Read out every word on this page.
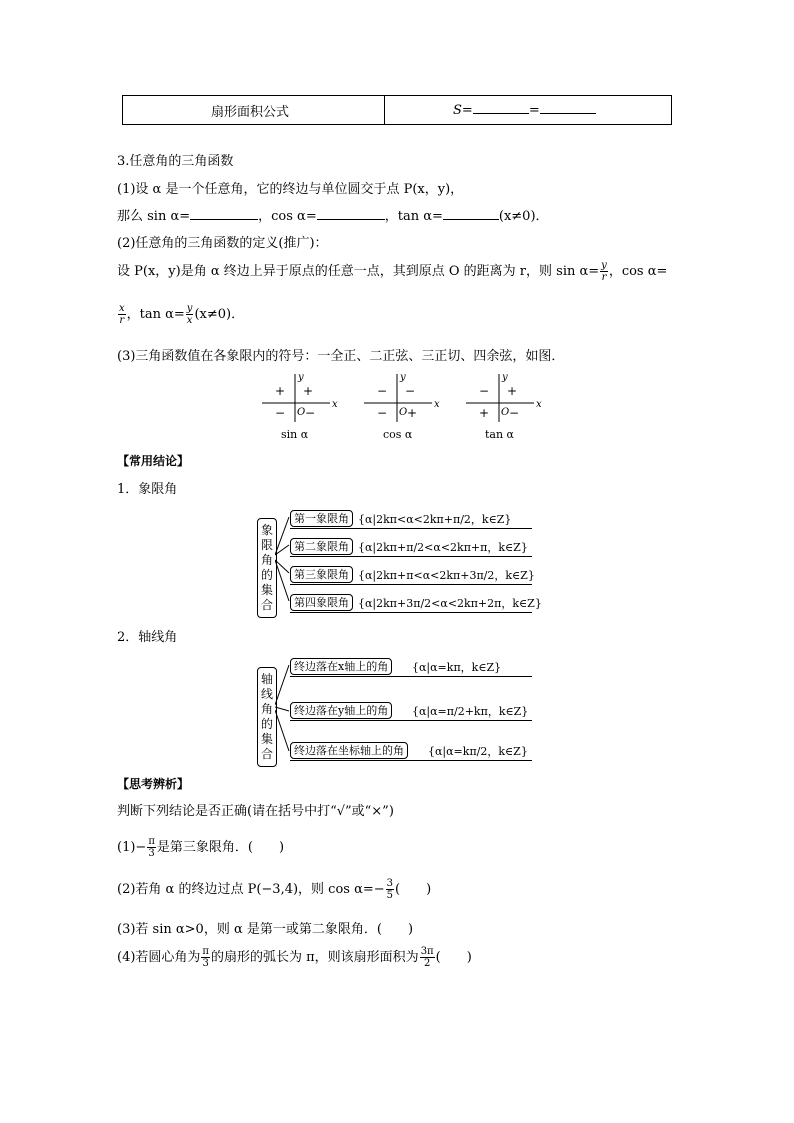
扇形面积公式	S=	=
3.任意角的三角函数
(1)设 α 是一个任意角，它的终边与单位圆交于点 P(x，y)，
那么 sin α=	，cos α=	，tan α=	(x≠0)．
(2)任意角的三角函数的定义(推广)：
设 P(x，y)是角 α 终边上异于原点的任意一点，其到原点 O 的距离为 r，则 $\sin \alpha= \frac{y}{r}$ ，cos α=
$\frac{x}{r}$ ，$\tan \alpha= \frac{y}{x} (x\ne 0)$．
(3)三角函数值在各象限内的符号：一全正、二正弦、三正切、四余弦，如图．
x
y
O
+
+
− −
sin α
x
y
O
−
−
− +
cos α
x
y
O
+
−
+ −
tan α
【常用结论】
1．象限角
象限角的集合
第一象限角 {α|2kπ<α<2kπ+π/2，k∈Z}
第二象限角 {α|2kπ+π/2<α<2kπ+π，k∈Z}
第三象限角 {α|2kπ+π<α<2kπ+3π/2，k∈Z}
第四象限角 {α|2kπ+3π/2<α<2kπ+2π，k∈Z}
2．轴线角
轴线角的集合
终边落在x轴上的角	{α|α=kπ，k∈Z}
终边落在y轴上的角	{α|α=π/2+kπ，k∈Z}
终边落在坐标轴上的角	{α|α=kπ/2，k∈Z}
【思考辨析】
判断下列结论是否正确(请在括号中打“√”或“×”)
$(1)- \frac{\pi}{3}$ 是第三象限角．(　　)
(2)若角 α 的终边过点 P(−3,4)，则 $\cos \alpha=- \frac{3}{5}$ (　　)
(3)若 sin α>0，则 α 是第一或第二象限角．(　　)
(4)若圆心角为 $\frac{\pi}{3}$ 的扇形的弧长为 π，则该扇形面积为 $\frac{3\pi}{2}$ (　　)
